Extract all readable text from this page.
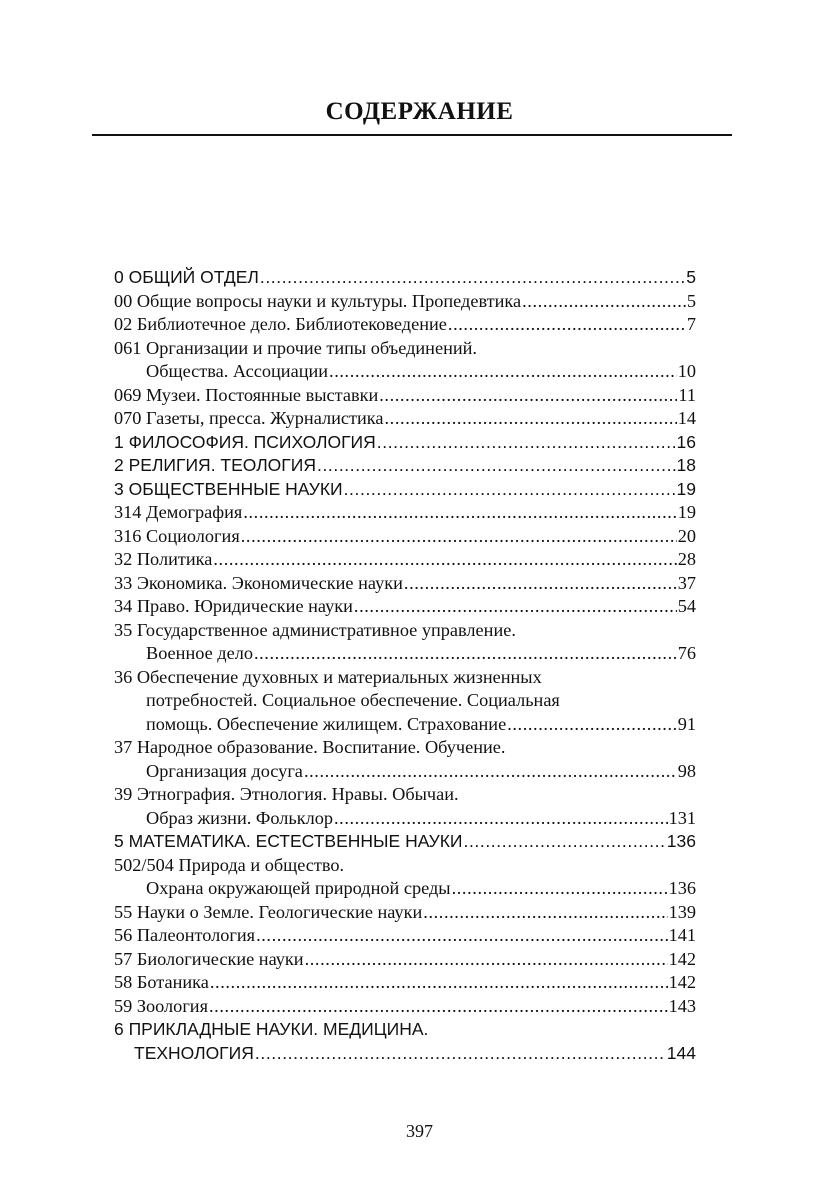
СОДЕРЖАНИЕ
0 ОБЩИЙ ОТДЕЛ .....	5
00 Общие вопросы науки и культуры. Пропедевтика .....	5
02 Библиотечное дело. Библиотековедение .....	7
061 Организации и прочие типы объединений.
Общества. Ассоциации .....	10
069 Музеи. Постоянные выставки .....	11
070 Газеты, пресса. Журналистика .....	14
1 ФИЛОСОФИЯ. ПСИХОЛОГИЯ .....	16
2 РЕЛИГИЯ. ТЕОЛОГИЯ .....	18
3 ОБЩЕСТВЕННЫЕ НАУКИ .....	19
314 Демография .....	19
316 Социология .....	20
32 Политика .....	28
33 Экономика. Экономические науки .....	37
34 Право. Юридические науки .....	54
35 Государственное административное управление.
Военное дело .....	76
36 Обеспечение духовных и материальных жизненных
потребностей. Социальное обеспечение. Социальная
помощь. Обеспечение жилищем. Страхование .....	91
37 Народное образование. Воспитание. Обучение.
Организация досуга .....	98
39 Этнография. Этнология. Нравы. Обычаи.
Образ жизни. Фольклор .....	131
5 МАТЕМАТИКА. ЕСТЕСТВЕННЫЕ НАУКИ .....	136
502/504 Природа и общество.
Охрана окружающей природной среды .....	136
55 Науки о Земле. Геологические науки .....	139
56 Палеонтология .....	141
57 Биологические науки .....	142
58 Ботаника .....	142
59 Зоология .....	143
6 ПРИКЛАДНЫЕ НАУКИ. МЕДИЦИНА.
ТЕХНОЛОГИЯ .....	144
397
